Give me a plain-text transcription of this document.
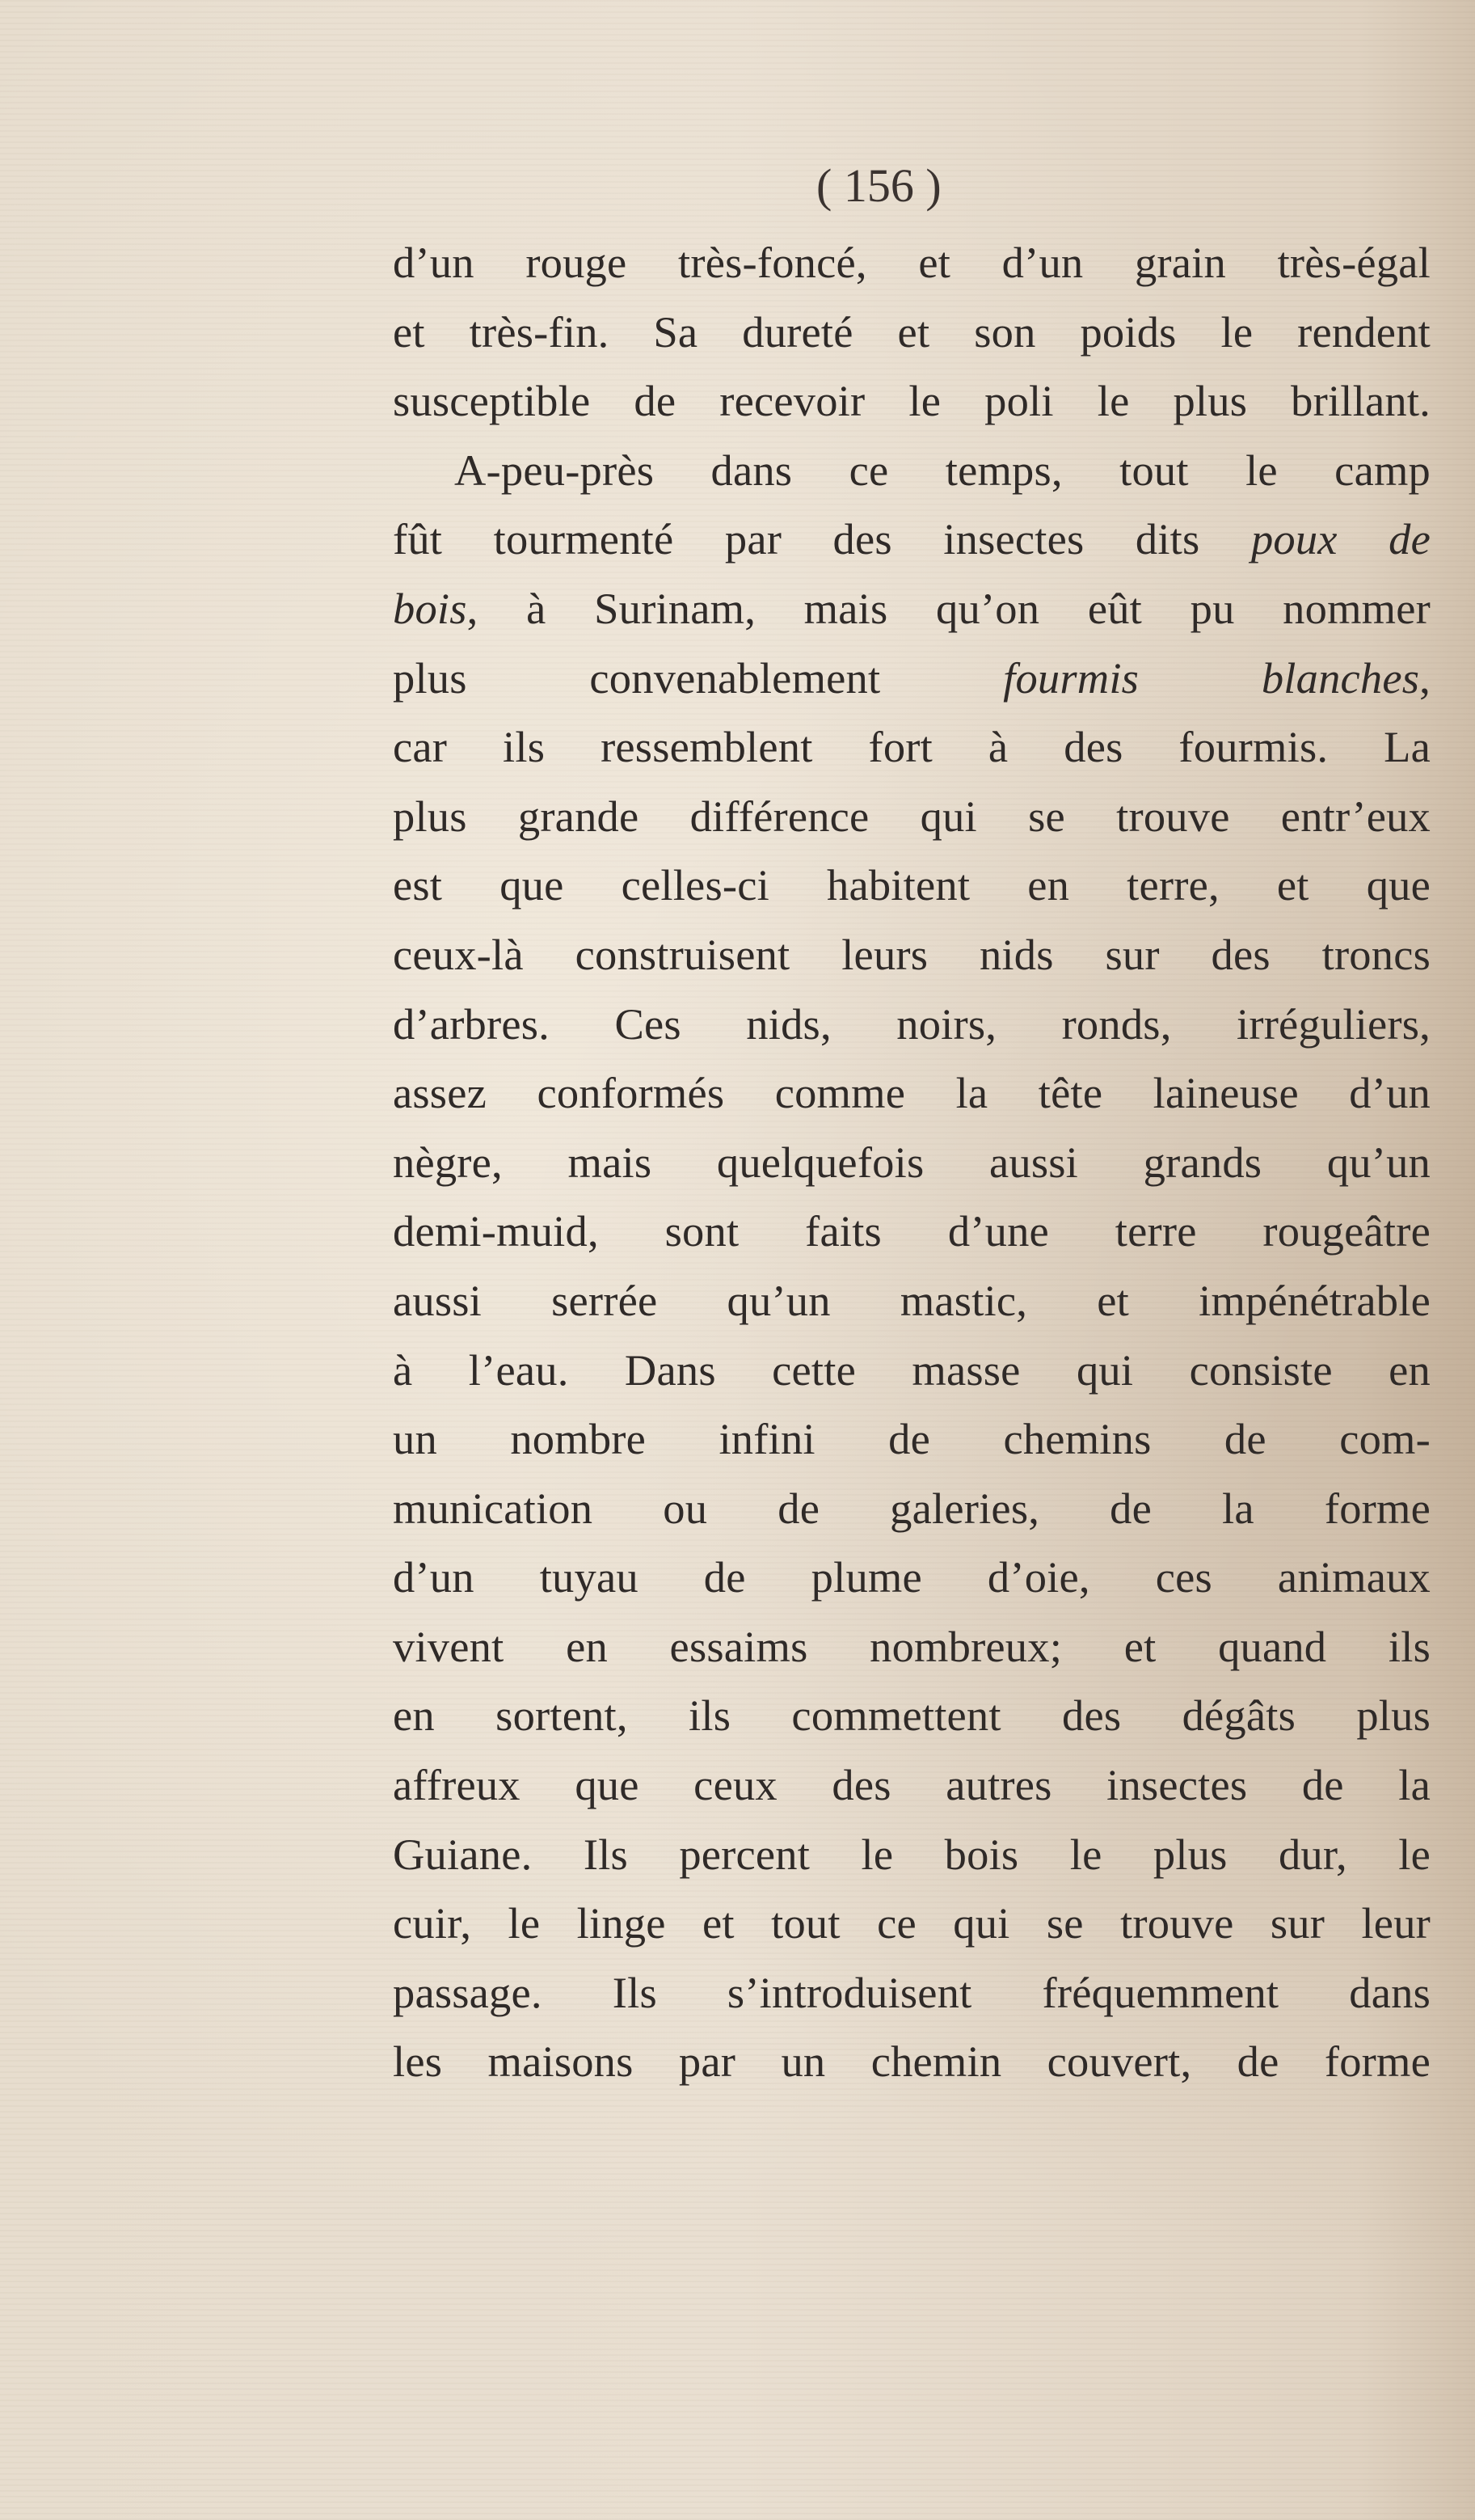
( 156 )

d’un rouge très-foncé, et d’un grain très-égal

et très-fin. Sa dureté et son poids le rendent

susceptible de recevoir le poli le plus brillant.

A-peu-près dans ce temps, tout le camp

fût tourmenté par des insectes dits poux de

bois, à Surinam, mais qu’on eût pu nommer

plus convenablement fourmis blanches,

car ils ressemblent fort à des fourmis. La

plus grande différence qui se trouve entr’eux

est que celles-ci habitent en terre, et que

ceux-là construisent leurs nids sur des troncs

d’arbres. Ces nids, noirs, ronds, irréguliers,

assez conformés comme la tête laineuse d’un

nègre, mais quelquefois aussi grands qu’un

demi-muid, sont faits d’une terre rougeâtre

aussi serrée qu’un mastic, et impénétrable

à l’eau. Dans cette masse qui consiste en

un nombre infini de chemins de com-

munication ou de galeries, de la forme

d’un tuyau de plume d’oie, ces animaux

vivent en essaims nombreux; et quand ils

en sortent, ils commettent des dégâts plus

affreux que ceux des autres insectes de la

Guiane. Ils percent le bois le plus dur, le

cuir, le linge et tout ce qui se trouve sur leur

passage. Ils s’introduisent fréquemment dans

les maisons par un chemin couvert, de forme
